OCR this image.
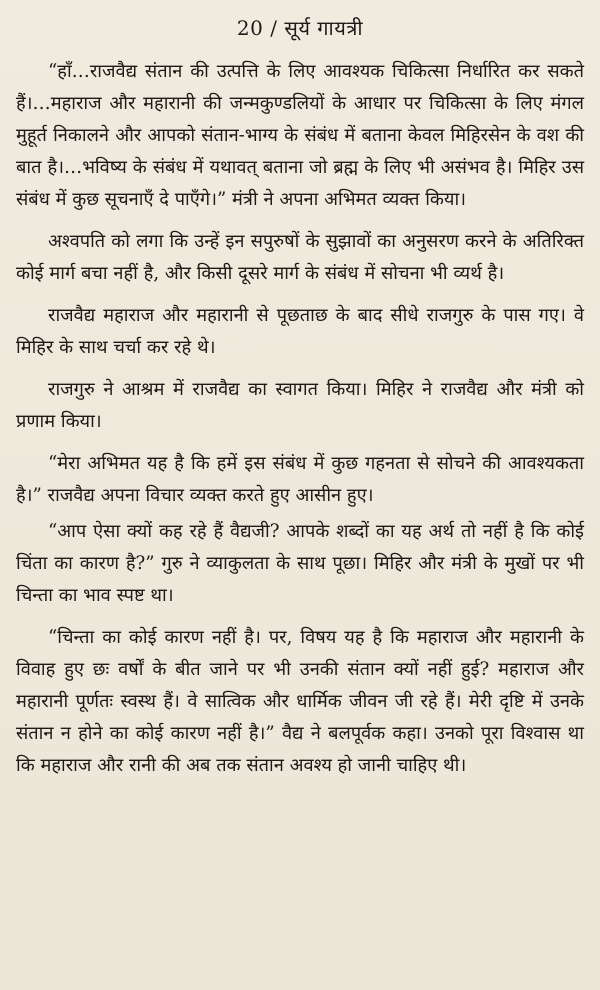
20 / सूर्य गायत्री

“हाँ…राजवैद्य संतान की उत्पत्ति के लिए आवश्यक चिकित्सा निर्धारित कर सकते हैं।…महाराज और महारानी की जन्मकुण्डलियों के आधार पर चिकित्सा के लिए मंगल मुहूर्त निकालने और आपको संतान-भाग्य के संबंध में बताना केवल मिहिरसेन के वश की बात है।…भविष्य के संबंध में यथावत् बताना जो ब्रह्म के लिए भी असंभव है। मिहिर उस संबंध में कुछ सूचनाएँ दे पाएँगे।” मंत्री ने अपना अभिमत व्यक्त किया।

अश्वपति को लगा कि उन्हें इन सपुरुषों के सुझावों का अनुसरण करने के अतिरिक्त कोई मार्ग बचा नहीं है, और किसी दूसरे मार्ग के संबंध में सोचना भी व्यर्थ है।

राजवैद्य महाराज और महारानी से पूछताछ के बाद सीधे राजगुरु के पास गए। वे मिहिर के साथ चर्चा कर रहे थे।

राजगुरु ने आश्रम में राजवैद्य का स्वागत किया। मिहिर ने राजवैद्य और मंत्री को प्रणाम किया।

“मेरा अभिमत यह है कि हमें इस संबंध में कुछ गहनता से सोचने की आवश्यकता है।” राजवैद्य अपना विचार व्यक्त करते हुए आसीन हुए।

“आप ऐसा क्यों कह रहे हैं वैद्यजी? आपके शब्दों का यह अर्थ तो नहीं है कि कोई चिंता का कारण है?” गुरु ने व्याकुलता के साथ पूछा। मिहिर और मंत्री के मुखों पर भी चिन्ता का भाव स्पष्ट था।

“चिन्ता का कोई कारण नहीं है। पर, विषय यह है कि महाराज और महारानी के विवाह हुए छः वर्षों के बीत जाने पर भी उनकी संतान क्यों नहीं हुई? महाराज और महारानी पूर्णतः स्वस्थ हैं। वे सात्विक और धार्मिक जीवन जी रहे हैं। मेरी दृष्टि में उनके संतान न होने का कोई कारण नहीं है।” वैद्य ने बलपूर्वक कहा। उनको पूरा विश्वास था कि महाराज और रानी की अब तक संतान अवश्य हो जानी चाहिए थी।
